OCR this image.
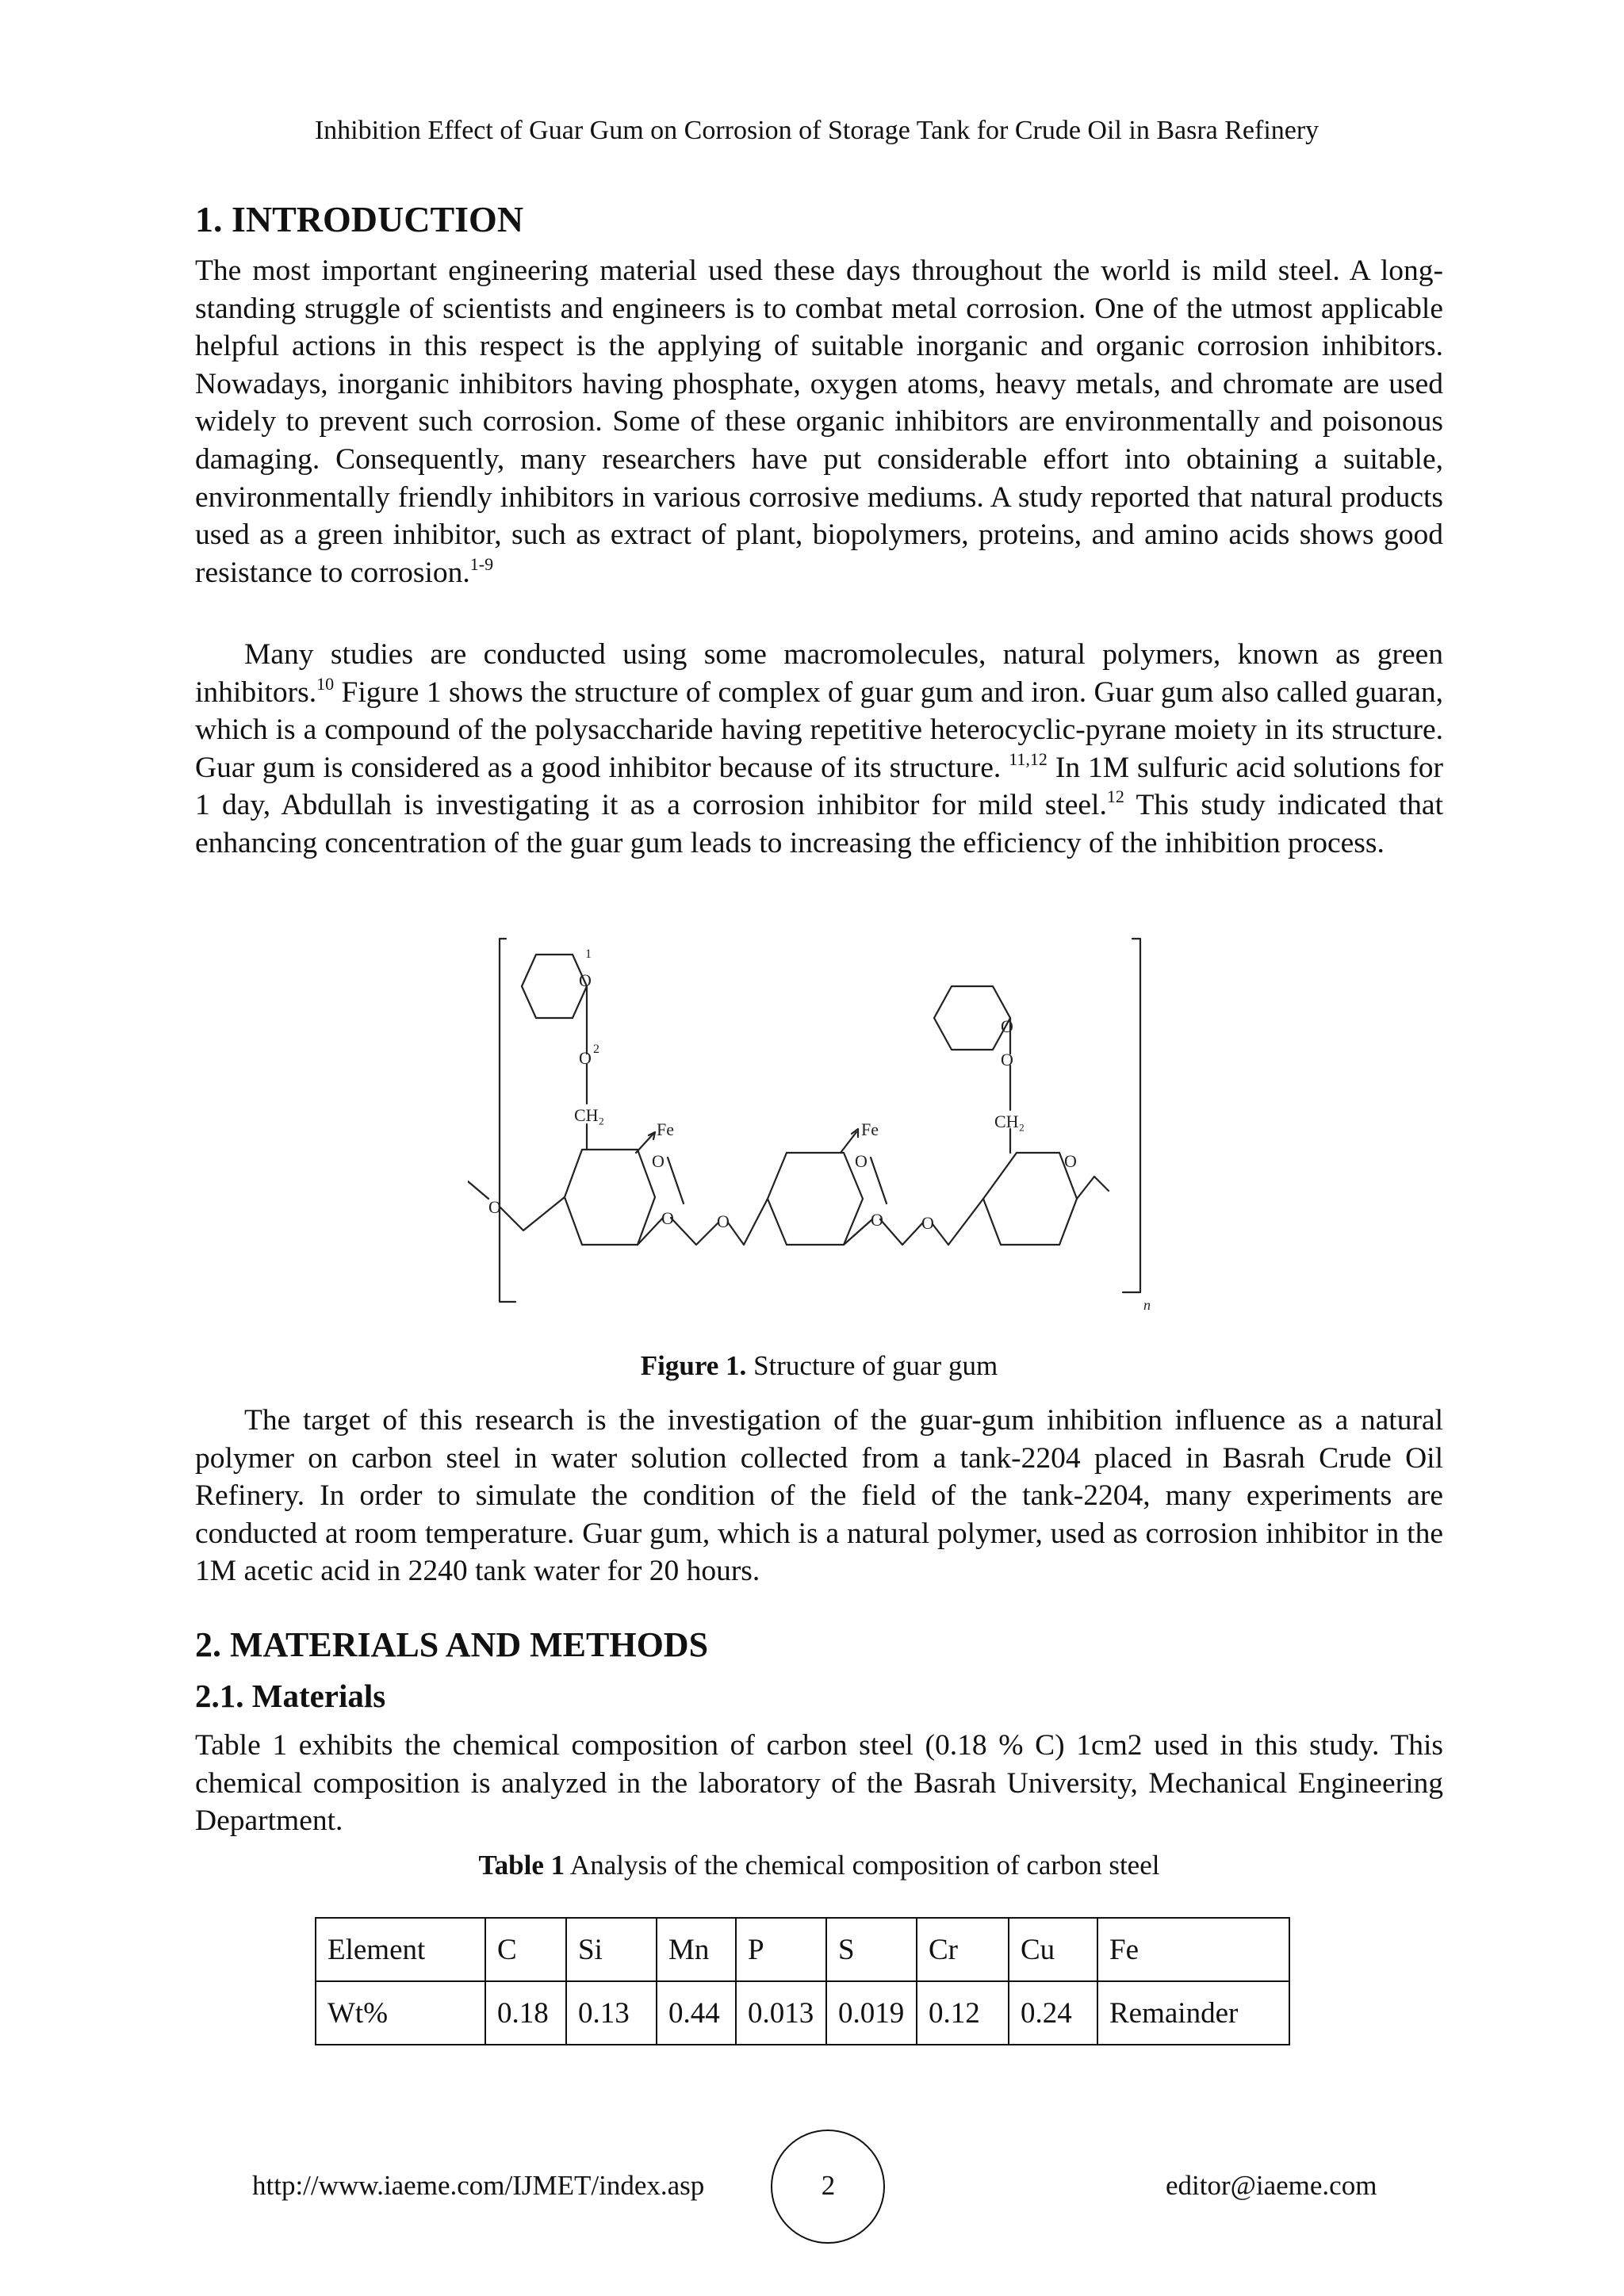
Inhibition Effect of Guar Gum on Corrosion of Storage Tank for Crude Oil in Basra Refinery
1. INTRODUCTION

The most important engineering material used these days throughout the world is mild steel. A long-standing struggle of scientists and engineers is to combat metal corrosion. One of the utmost applicable helpful actions in this respect is the applying of suitable inorganic and organic corrosion inhibitors. Nowadays, inorganic inhibitors having phosphate, oxygen atoms, heavy metals, and chromate are used widely to prevent such corrosion. Some of these organic inhibitors are environmentally and poisonous damaging. Consequently, many researchers have put considerable effort into obtaining a suitable, environmentally friendly inhibitors in various corrosive mediums. A study reported that natural products used as a green inhibitor, such as extract of plant, biopolymers, proteins, and amino acids shows good resistance to corrosion.$^{1-9}$

Many studies are conducted using some macromolecules, natural polymers, known as green inhibitors.$^{10}$ Figure 1 shows the structure of complex of guar gum and iron. Guar gum also called guaran, which is a compound of the polysaccharide having repetitive heterocyclic-pyrane moiety in its structure. Guar gum is considered as a good inhibitor because of its structure. $^{11,12}$ In 1M sulfuric acid solutions for 1 day, Abdullah is investigating it as a corrosion inhibitor for mild steel.$^{12}$ This study indicated that enhancing concentration of the guar gum leads to increasing the efficiency of the inhibition process.

O
1
O 2
CH₂
Fe	Fe
O
O
CH₂
O	O	O
O
O O	O O
n
Figure 1. Structure of guar gum

The target of this research is the investigation of the guar-gum inhibition influence as a natural polymer on carbon steel in water solution collected from a tank-2204 placed in Basrah Crude Oil Refinery. In order to simulate the condition of the field of the tank-2204, many experiments are conducted at room temperature. Guar gum, which is a natural polymer, used as corrosion inhibitor in the 1M acetic acid in 2240 tank water for 20 hours.

2. MATERIALS AND METHODS
2.1. Materials

Table 1 exhibits the chemical composition of carbon steel (0.18 % C) 1cm2 used in this study. This chemical composition is analyzed in the laboratory of the Basrah University, Mechanical Engineering Department.

Table 1 Analysis of the chemical composition of carbon steel
Element	C	Si	Mn	P	S	Cr	Cu	Fe
Wt%	0.18	0.13	0.44	0.013	0.019	0.12	0.24	Remainder
http://www.iaeme.com/IJMET/index.asp	2	editor@iaeme.com
